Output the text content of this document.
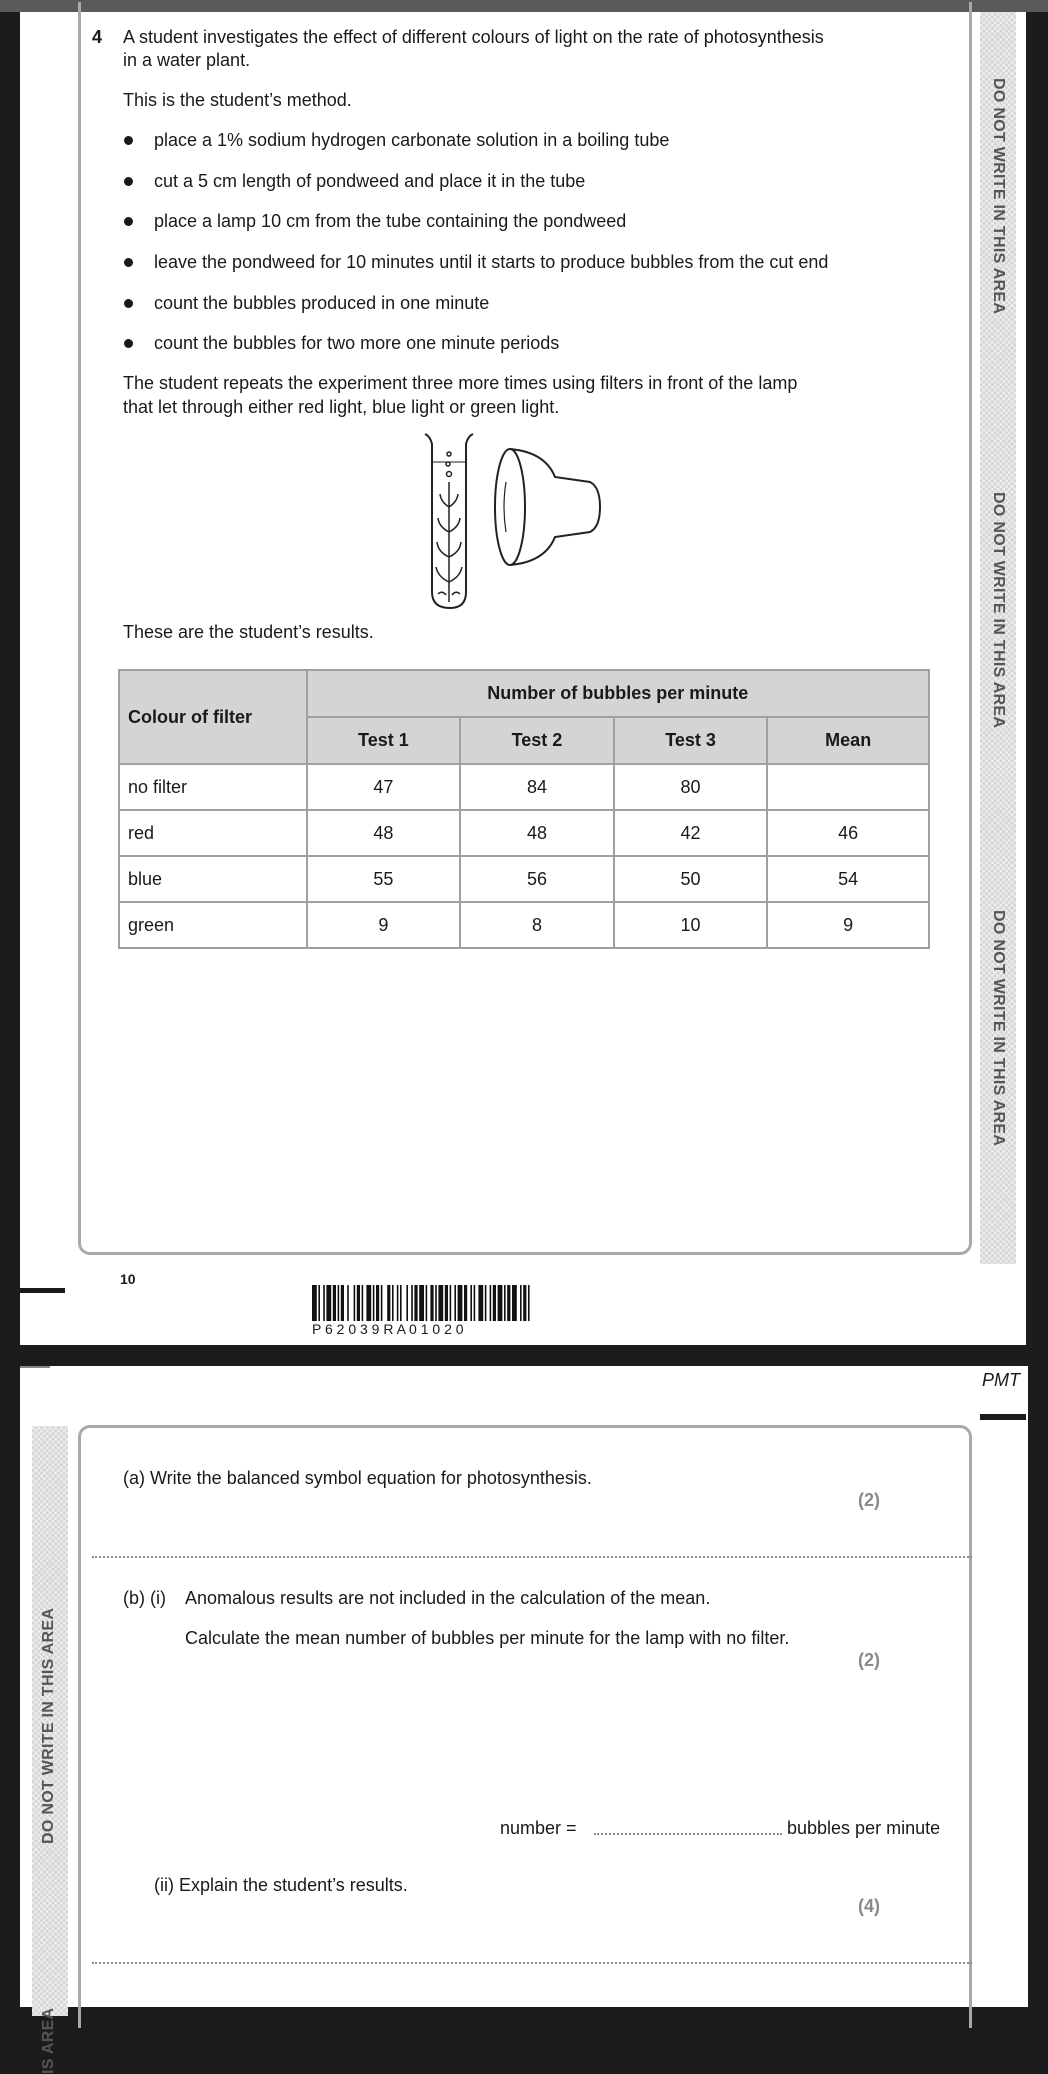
DO NOT WRITE IN THIS AREA
DO NOT WRITE IN THIS AREA
DO NOT WRITE IN THIS AREA
4 A student investigates the effect of different colours of light on the rate of photosynthesis
in a water plant.
This is the student’s method.
place a 1% sodium hydrogen carbonate solution in a boiling tube
cut a 5 cm length of pondweed and place it in the tube
place a lamp 10 cm from the tube containing the pondweed
leave the pondweed for 10 minutes until it starts to produce bubbles from the cut end
count the bubbles produced in one minute
count the bubbles for two more one minute periods
The student repeats the experiment three more times using filters in front of the lamp
that let through either red light, blue light or green light.
These are the student’s results.
Colour of filter	Number of bubbles per minute			
	Test 1	Test 2	Test 3	Mean
no filter	47	84	80	
red	48	48	42	46
blue	55	56	50	54
green	9	8	10	9
10
P 6 2 0 3 9 R A 0 1 0 2 0
PMT
DO NOT WRITE IN THIS AREA
IS AREA
(a) Write the balanced symbol equation for photosynthesis.
(2)
(b) (i) Anomalous results are not included in the calculation of the mean.
Calculate the mean number of bubbles per minute for the lamp with no filter.
(2)
number =	bubbles per minute
(ii) Explain the student’s results.
(4)
